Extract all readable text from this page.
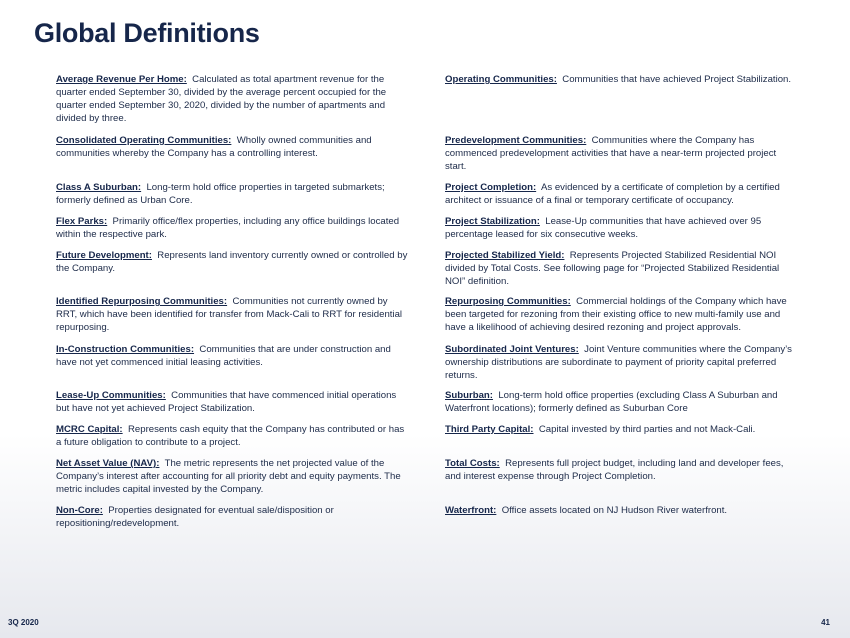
Global Definitions
Average Revenue Per Home: Calculated as total apartment revenue for the quarter ended September 30, divided by the average percent occupied for the quarter ended September 30, 2020, divided by the number of apartments and divided by three.
Consolidated Operating Communities: Wholly owned communities and communities whereby the Company has a controlling interest.
Class A Suburban: Long-term hold office properties in targeted submarkets; formerly defined as Urban Core.
Flex Parks: Primarily office/flex properties, including any office buildings located within the respective park.
Future Development: Represents land inventory currently owned or controlled by the Company.
Identified Repurposing Communities: Communities not currently owned by RRT, which have been identified for transfer from Mack-Cali to RRT for residential repurposing.
In-Construction Communities: Communities that are under construction and have not yet commenced initial leasing activities.
Lease-Up Communities: Communities that have commenced initial operations but have not yet achieved Project Stabilization.
MCRC Capital: Represents cash equity that the Company has contributed or has a future obligation to contribute to a project.
Net Asset Value (NAV): The metric represents the net projected value of the Company’s interest after accounting for all priority debt and equity payments. The metric includes capital invested by the Company.
Non-Core: Properties designated for eventual sale/disposition or repositioning/redevelopment.
Operating Communities: Communities that have achieved Project Stabilization.
Predevelopment Communities: Communities where the Company has commenced predevelopment activities that have a near-term projected project start.
Project Completion: As evidenced by a certificate of completion by a certified architect or issuance of a final or temporary certificate of occupancy.
Project Stabilization: Lease-Up communities that have achieved over 95 percentage leased for six consecutive weeks.
Projected Stabilized Yield: Represents Projected Stabilized Residential NOI divided by Total Costs. See following page for “Projected Stabilized Residential NOI” definition.
Repurposing Communities: Commercial holdings of the Company which have been targeted for rezoning from their existing office to new multi-family use and have a likelihood of achieving desired rezoning and project approvals.
Subordinated Joint Ventures: Joint Venture communities where the Company’s ownership distributions are subordinate to payment of priority capital preferred returns.
Suburban: Long-term hold office properties (excluding Class A Suburban and Waterfront locations); formerly defined as Suburban Core
Third Party Capital: Capital invested by third parties and not Mack-Cali.
Total Costs: Represents full project budget, including land and developer fees, and interest expense through Project Completion.
Waterfront: Office assets located on NJ Hudson River waterfront.
3Q 2020	41
